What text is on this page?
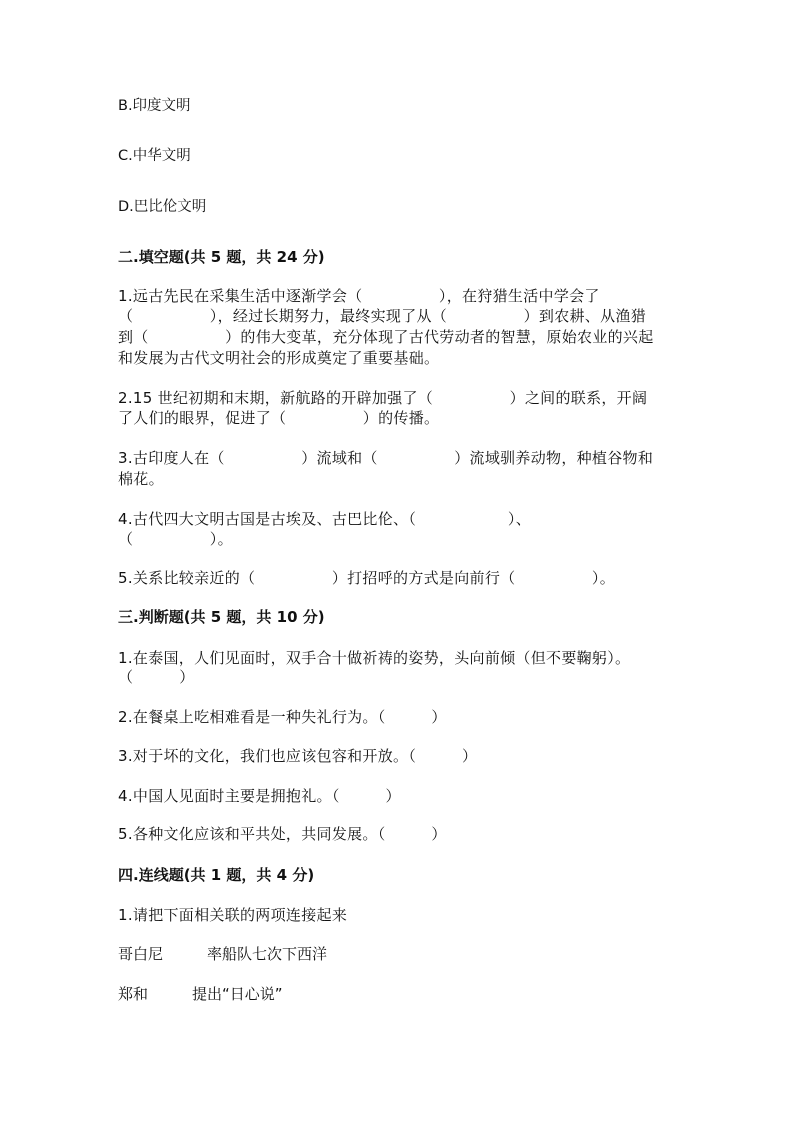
B.印度文明
C.中华文明
D.巴比伦文明
二.填空题(共 5 题，共 24 分)
1.远古先民在采集生活中逐渐学会（　　　　　），在狩猎生活中学会了
（　　　　　），经过长期努力，最终实现了从（　　　　　）到农耕、从渔猎
到（　　　　　）的伟大变革，充分体现了古代劳动者的智慧，原始农业的兴起
和发展为古代文明社会的形成奠定了重要基础。
2.15 世纪初期和末期，新航路的开辟加强了（　　　　　）之间的联系，开阔
了人们的眼界，促进了（　　　　　）的传播。
3.古印度人在（　　　　　）流域和（　　　　　）流域驯养动物，种植谷物和
棉花。
4.古代四大文明古国是古埃及、古巴比伦、（　　　　　　）、
（　　　　　）。
5.关系比较亲近的（　　　　　）打招呼的方式是向前行（　　　　　）。
三.判断题(共 5 题，共 10 分)
1.在泰国，人们见面时，双手合十做祈祷的姿势，头向前倾（但不要鞠躬）。
（　　　）
2.在餐桌上吃相难看是一种失礼行为。（　　　）
3.对于坏的文化，我们也应该包容和开放。（　　　）
4.中国人见面时主要是拥抱礼。（　　　）
5.各种文化应该和平共处，共同发展。（　　　）
四.连线题(共 1 题，共 4 分)
1.请把下面相关联的两项连接起来
哥白尼	率船队七次下西洋
郑和	提出“日心说”
